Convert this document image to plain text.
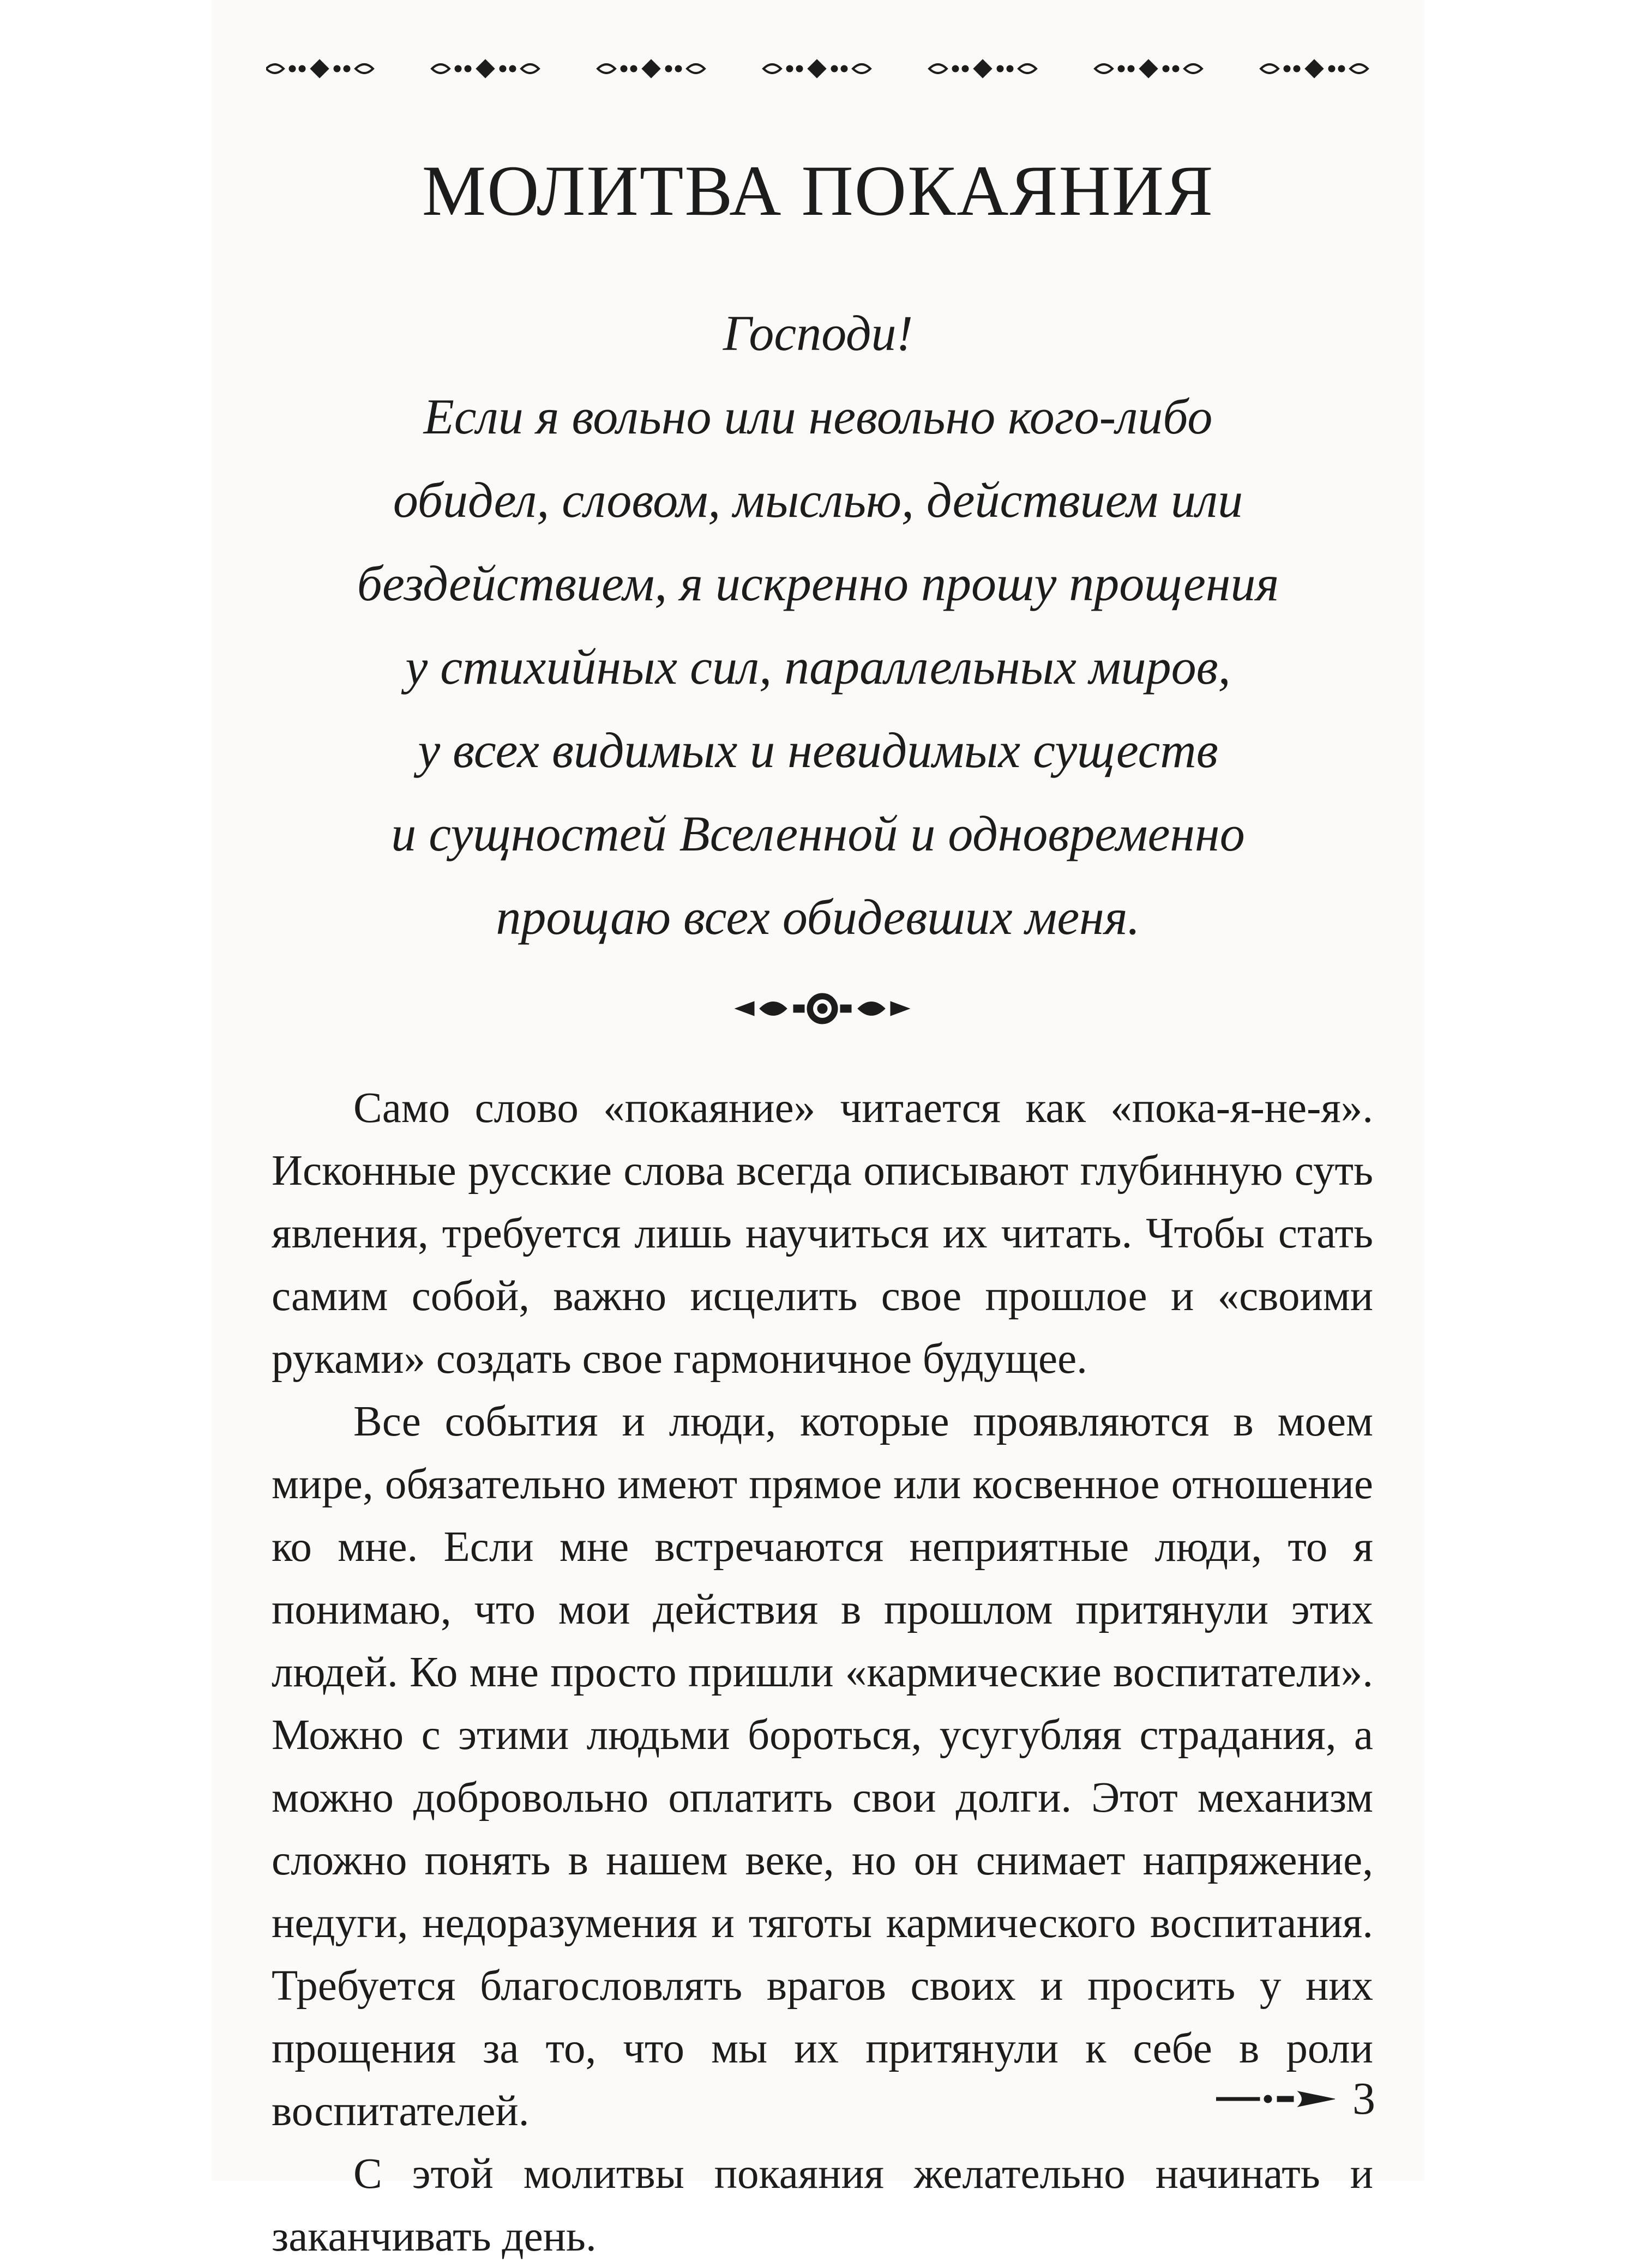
МОЛИТВА ПОКАЯНИЯ
Господи!
Если я вольно или невольно кого-либо
обидел, словом, мыслью, действием или
бездействием, я искренно прошу прощения
у стихийных сил, параллельных миров,
у всех видимых и невидимых существ
и сущностей Вселенной и одновременно
прощаю всех обидевших меня.

Само слово «покаяние» читается как «пока-я-не-я». Исконные русские слова всегда описывают глубинную суть явления, требуется лишь научиться их читать. Чтобы стать самим собой, важно исцелить свое прошлое и «своими руками» создать свое гармоничное будущее.

Все события и люди, которые проявляются в моем мире, обязательно имеют прямое или косвенное отношение ко мне. Если мне встречаются неприятные люди, то я понимаю, что мои действия в прошлом притянули этих людей. Ко мне просто пришли «кармические воспитатели». Можно с этими людьми бороться, усугубляя страдания, а можно добровольно оплатить свои долги. Этот механизм сложно понять в нашем веке, но он снимает напряжение, недуги, недоразумения и тяготы кармического воспитания. Требуется благословлять врагов своих и просить у них прощения за то, что мы их притянули к себе в роли воспитателей.

С этой молитвы покаяния желательно начинать и заканчивать день.

3
